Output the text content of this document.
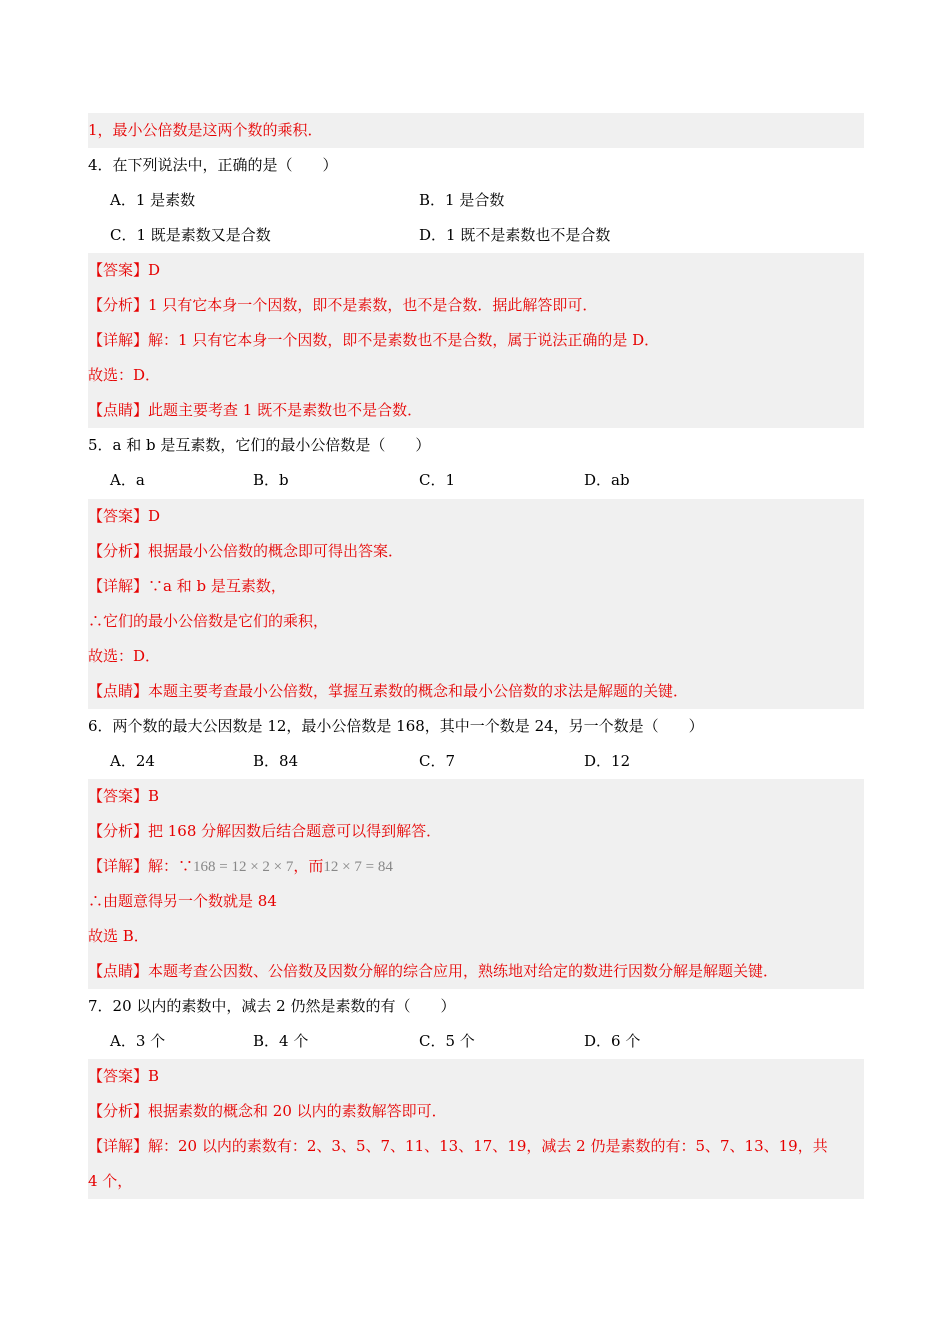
1，最小公倍数是这两个数的乘积．
4．在下列说法中，正确的是（　　）
A．1 是素数	B．1 是合数
C．1 既是素数又是合数	D．1 既不是素数也不是合数
【答案】D
【分析】1 只有它本身一个因数，即不是素数，也不是合数．据此解答即可．
【详解】解：1 只有它本身一个因数，即不是素数也不是合数，属于说法正确的是 D．
故选：D．
【点睛】此题主要考查 1 既不是素数也不是合数．
5．a 和 b 是互素数，它们的最小公倍数是（　　）
A．a	B．b	C．1	D．ab
【答案】D
【分析】根据最小公倍数的概念即可得出答案．
【详解】∵a 和 b 是互素数，
∴它们的最小公倍数是它们的乘积，
故选：D．
【点睛】本题主要考查最小公倍数，掌握互素数的概念和最小公倍数的求法是解题的关键．
6．两个数的最大公因数是 12，最小公倍数是 168，其中一个数是 24，另一个数是（　　）
A．24	B．84	C．7	D．12
【答案】B
【分析】把 168 分解因数后结合题意可以得到解答．
【详解】解：∵168 = 12 × 2 × 7，而12 × 7 = 84
∴由题意得另一个数就是 84
故选 B．
【点睛】本题考查公因数、公倍数及因数分解的综合应用，熟练地对给定的数进行因数分解是解题关键．
7．20 以内的素数中，减去 2 仍然是素数的有（　　）
A．3 个	B．4 个	C．5 个	D．6 个
【答案】B
【分析】根据素数的概念和 20 以内的素数解答即可．
【详解】解：20 以内的素数有：2、3、5、7、11、13、17、19，减去 2 仍是素数的有：5、7、13、19，共
4 个，
